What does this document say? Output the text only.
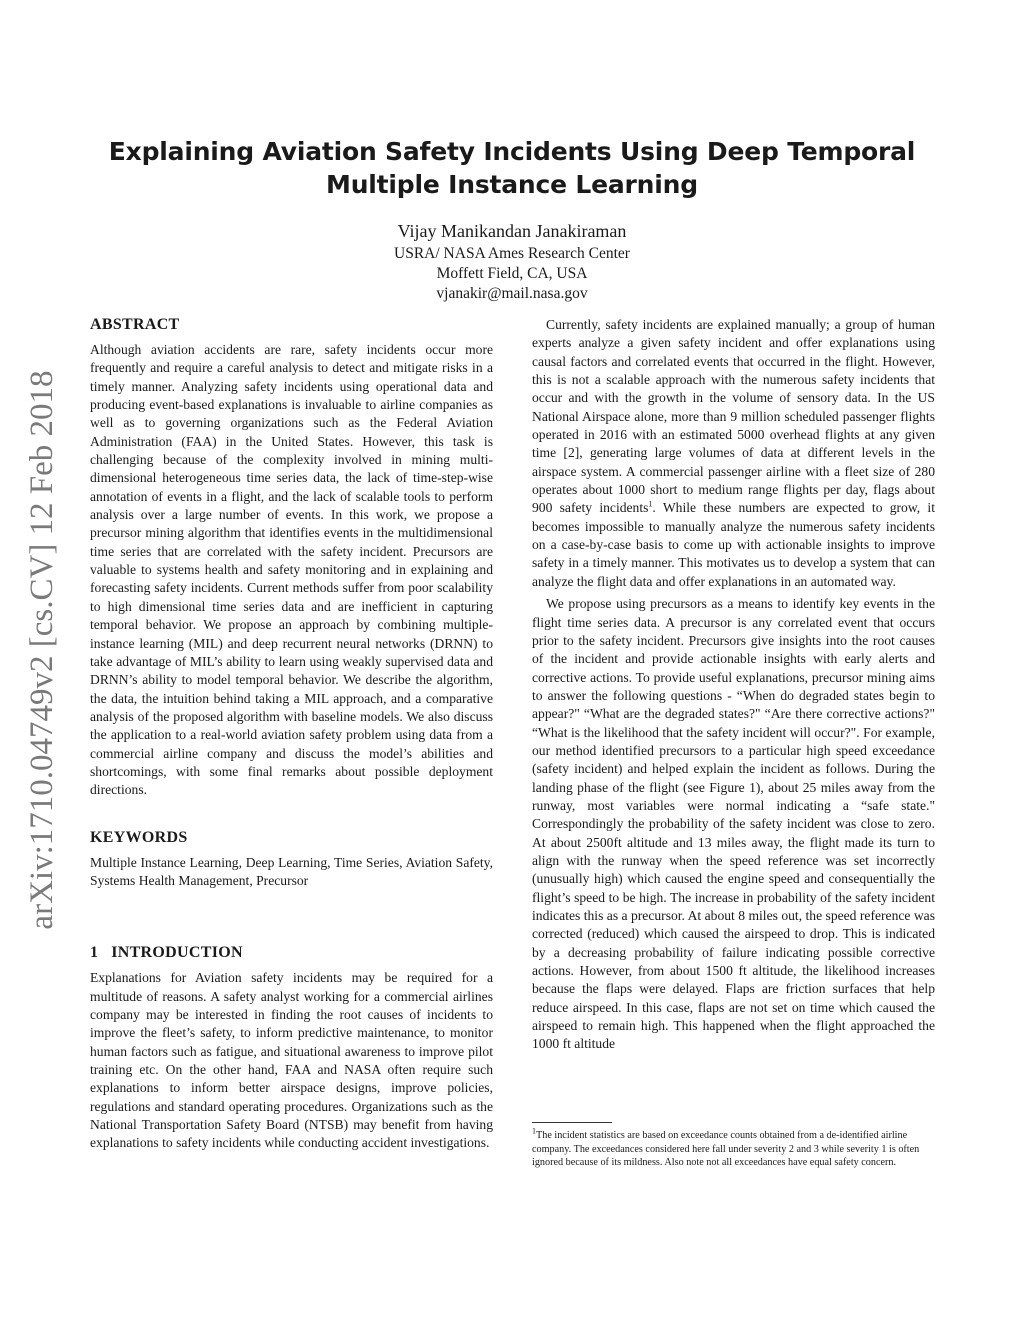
arXiv:1710.04749v2 [cs.CV] 12 Feb 2018
Explaining Aviation Safety Incidents Using Deep Temporal Multiple Instance Learning
Vijay Manikandan Janakiraman
USRA/ NASA Ames Research Center
Moffett Field, CA, USA
vjanakir@mail.nasa.gov
ABSTRACT

Although aviation accidents are rare, safety incidents occur more frequently and require a careful analysis to detect and mitigate risks in a timely manner. Analyzing safety incidents using operational data and producing event-based explanations is invaluable to airline companies as well as to governing organizations such as the Federal Aviation Administration (FAA) in the United States. However, this task is challenging because of the complexity involved in mining multi-dimensional heterogeneous time series data, the lack of time-step-wise annotation of events in a flight, and the lack of scalable tools to perform analysis over a large number of events. In this work, we propose a precursor mining algorithm that identifies events in the multidimensional time series that are correlated with the safety incident. Precursors are valuable to systems health and safety monitoring and in explaining and forecasting safety incidents. Current methods suffer from poor scalability to high dimensional time series data and are inefficient in capturing temporal behavior. We propose an approach by combining multiple-instance learning (MIL) and deep recurrent neural networks (DRNN) to take advantage of MIL’s ability to learn using weakly supervised data and DRNN’s ability to model temporal behavior. We describe the algorithm, the data, the intuition behind taking a MIL approach, and a comparative analysis of the proposed algorithm with baseline models. We also discuss the application to a real-world aviation safety problem using data from a commercial airline company and discuss the model’s abilities and shortcomings, with some final remarks about possible deployment directions.

KEYWORDS

Multiple Instance Learning, Deep Learning, Time Series, Aviation Safety, Systems Health Management, Precursor

1   INTRODUCTION

Explanations for Aviation safety incidents may be required for a multitude of reasons. A safety analyst working for a commercial airlines company may be interested in finding the root causes of incidents to improve the fleet’s safety, to inform predictive maintenance, to monitor human factors such as fatigue, and situational awareness to improve pilot training etc. On the other hand, FAA and NASA often require such explanations to inform better airspace designs, improve policies, regulations and standard operating procedures. Organizations such as the National Transportation Safety Board (NTSB) may benefit from having explanations to safety incidents while conducting accident investigations.

Currently, safety incidents are explained manually; a group of human experts analyze a given safety incident and offer explanations using causal factors and correlated events that occurred in the flight. However, this is not a scalable approach with the numerous safety incidents that occur and with the growth in the volume of sensory data. In the US National Airspace alone, more than 9 million scheduled passenger flights operated in 2016 with an estimated 5000 overhead flights at any given time [2], generating large volumes of data at different levels in the airspace system. A commercial passenger airline with a fleet size of 280 operates about 1000 short to medium range flights per day, flags about 900 safety incidents$^1$. While these numbers are expected to grow, it becomes impossible to manually analyze the numerous safety incidents on a case-by-case basis to come up with actionable insights to improve safety in a timely manner. This motivates us to develop a system that can analyze the flight data and offer explanations in an automated way.

We propose using precursors as a means to identify key events in the flight time series data. A precursor is any correlated event that occurs prior to the safety incident. Precursors give insights into the root causes of the incident and provide actionable insights with early alerts and corrective actions. To provide useful explanations, precursor mining aims to answer the following questions - “When do degraded states begin to appear?" “What are the degraded states?" “Are there corrective actions?" “What is the likelihood that the safety incident will occur?". For example, our method identified precursors to a particular high speed exceedance (safety incident) and helped explain the incident as follows. During the landing phase of the flight (see Figure 1), about 25 miles away from the runway, most variables were normal indicating a “safe state." Correspondingly the probability of the safety incident was close to zero. At about 2500ft altitude and 13 miles away, the flight made its turn to align with the runway when the speed reference was set incorrectly (unusually high) which caused the engine speed and consequentially the flight’s speed to be high. The increase in probability of the safety incident indicates this as a precursor. At about 8 miles out, the speed reference was corrected (reduced) which caused the airspeed to drop. This is indicated by a decreasing probability of failure indicating possible corrective actions. However, from about 1500 ft altitude, the likelihood increases because the flaps were delayed. Flaps are friction surfaces that help reduce airspeed. In this case, flaps are not set on time which caused the airspeed to remain high. This happened when the flight approached the 1000 ft altitude

$^1$The incident statistics are based on exceedance counts obtained from a de-identified airline company. The exceedances considered here fall under severity 2 and 3 while severity 1 is often ignored because of its mildness. Also note not all exceedances have equal safety concern.
